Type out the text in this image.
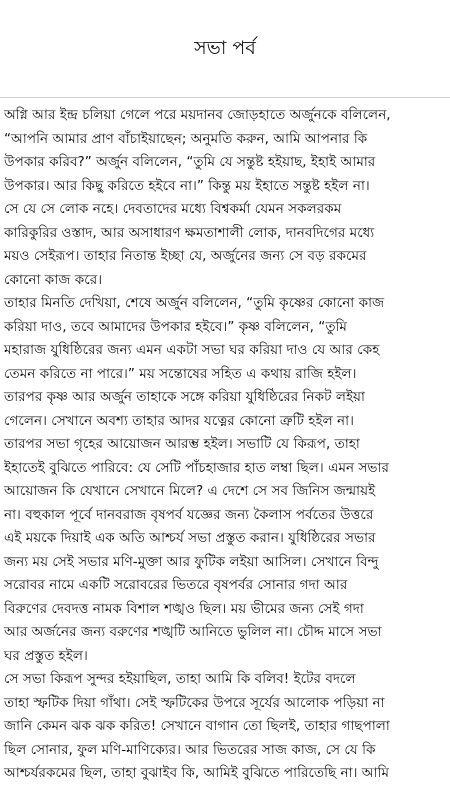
সভা পর্ব
অগ্নি আর ইন্দ্র চলিয়া গেলে পরে ময়দানব জোড়হাতে অর্জুনকে বলিলেন,
“আপনি আমার প্রাণ বাঁচাইয়াছেন; অনুমতি করুন, আমি আপনার কি
উপকার করিব?” অর্জুন বলিলেন, “তুমি যে সন্তুষ্ট হইয়াছ, ইহাই আমার
উপকার। আর কিছু করিতে হইবে না।” কিন্তু ময় ইহাতে সন্তুষ্ট হইল না।
সে যে সে লোক নহে। দেবতাদের মধ্যে বিশ্বকর্মা যেমন সকলরকম
কারিকুরির ওস্তাদ, আর অসাধারণ ক্ষমতাশালী লোক, দানবদিগের মধ্যে
ময়ও সেইরূপ। তাহার নিতান্ত ইচ্ছা যে, অর্জুনের জন্য সে বড় রকমের
কোনো কাজ করে।
তাহার মিনতি দেখিয়া, শেষে অর্জুন বলিলেন, “তুমি কৃষ্ণের কোনো কাজ
করিয়া দাও, তবে আমাদের উপকার হইবে।” কৃষ্ণ বলিলেন, “তুমি
মহারাজ যুধিষ্ঠিরের জন্য এমন একটা সভা ঘর করিয়া দাও যে আর কেহ
তেমন করিতে না পারে।” ময় সন্তোষের সহিত এ কথায় রাজি হইল।
তারপর কৃষ্ণ আর অর্জুন তাহাকে সঙ্গে করিয়া যুধিষ্ঠিরের নিকট লইয়া
গেলেন। সেখানে অবশ্য তাহার আদর যত্নের কোনো ত্রুটি হইল না।
তারপর সভা গৃহের আয়োজন আরম্ভ হইল। সভাটি যে কিরূপ, তাহা
ইহাতেই বুঝিতে পারিবে: যে সেটি পাঁচহাজার হাত লম্বা ছিল। এমন সভার
আয়োজন কি যেখানে সেখানে মিলে? এ দেশে সে সব জিনিস জন্মায়ই
না। বহুকাল পূর্বে দানবরাজ বৃষপর্ব যজ্ঞের জন্য কৈলাস পর্বতের উত্তরে
এই ময়কে দিয়াই এক অতি আশ্চর্য সভা প্রস্তুত করান। যুধিষ্ঠিরের সভার
জন্য ময় সেই সভার মণি-মুক্তা আর ফুটিক লইয়া আসিল। সেখানে বিন্দু
সরোবর নামে একটি সরোবরের ভিতরে বৃষপর্বর সোনার গদা আর
বিরুণের দেবদত্ত নামক বিশাল শঙ্খও ছিল। ময় ভীমের জন্য সেই গদা
আর অর্জনের জন্য বরুণের শঙ্খটি আনিতে ভুলিল না। চৌদ্দ মাসে সভা
ঘর প্রস্তুত হইল।
সে সভা কিরূপ সুন্দর হইয়াছিল, তাহা আমি কি বলিব! ইটের বদলে
তাহা স্ফটিক দিয়া গাঁথা। সেই স্ফটিকের উপরে সূর্যের আলোক পড়িয়া না
জানি কেমন ঝক ঝক করিত! সেখানে বাগান তো ছিলই, তাহার গাছপালা
ছিল সোনার, ফুল মণি-মাণিক্যের। আর ভিতরের সাজ কাজ, সে যে কি
আশ্চর্যরকমের ছিল, তাহা বুঝাইব কি, আমিই বুঝিতে পারিতেছি না। আমি
